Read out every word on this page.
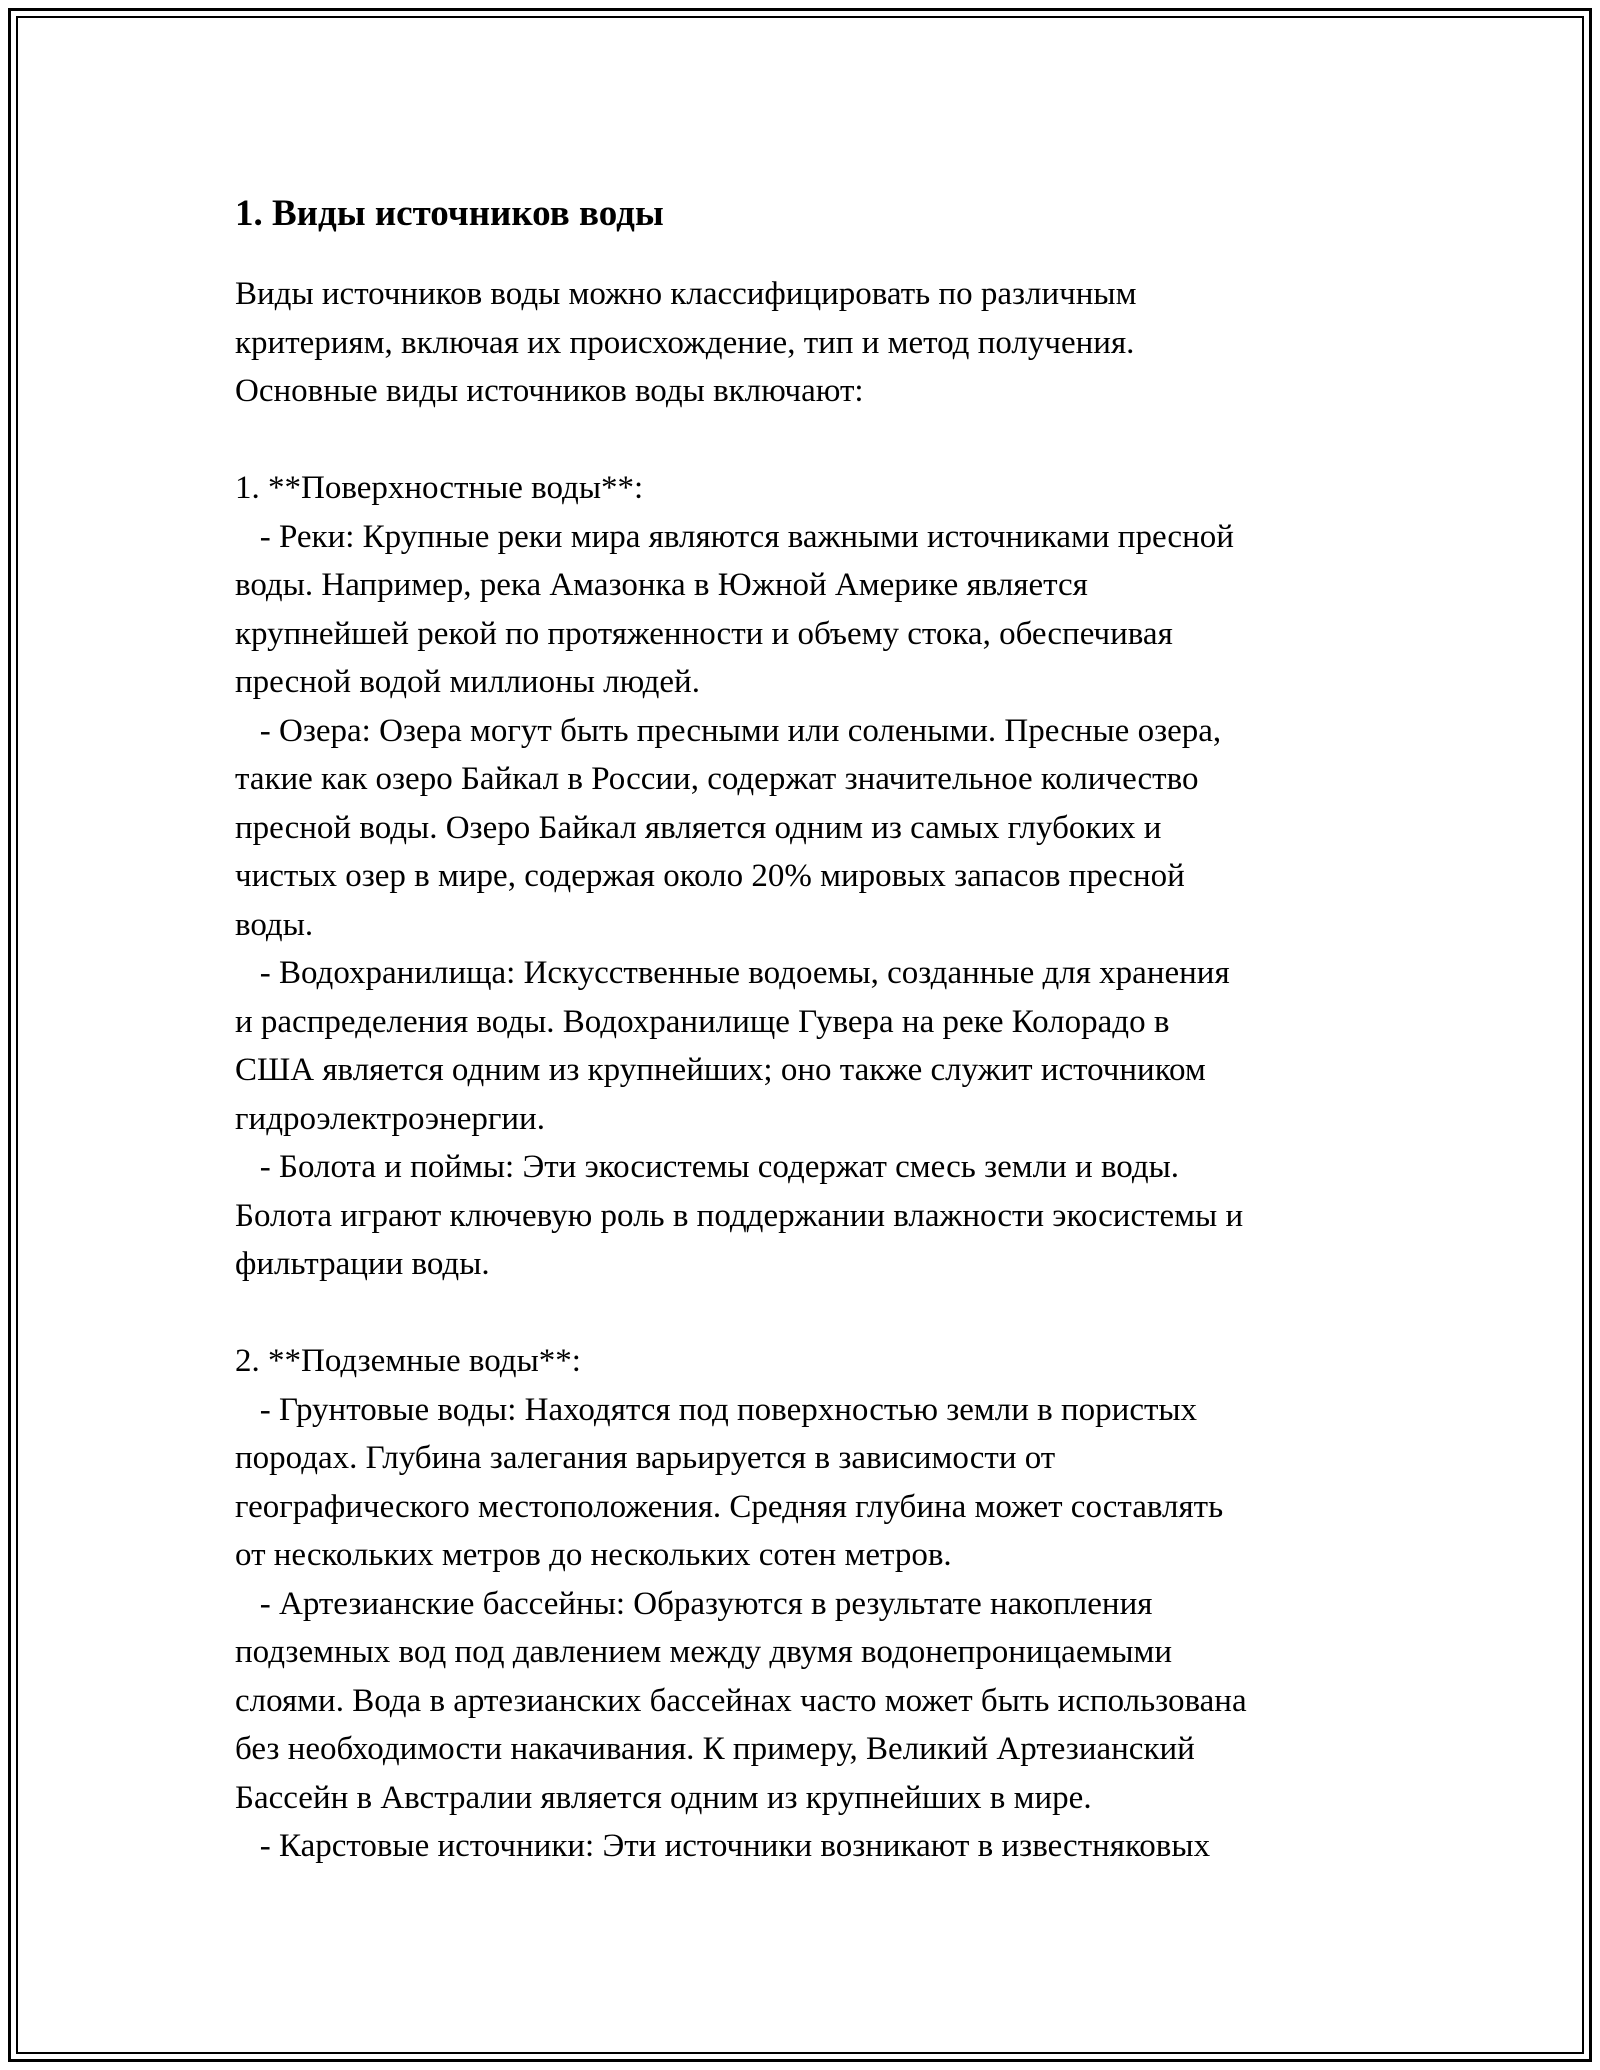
1. Виды источников воды

Виды источников воды можно классифицировать по различным
критериям, включая их происхождение, тип и метод получения.
Основные виды источников воды включают:

1. **Поверхностные воды**:

- Реки: Крупные реки мира являются важными источниками пресной
воды. Например, река Амазонка в Южной Америке является
крупнейшей рекой по протяженности и объему стока, обеспечивая
пресной водой миллионы людей.

- Озера: Озера могут быть пресными или солеными. Пресные озера,
такие как озеро Байкал в России, содержат значительное количество
пресной воды. Озеро Байкал является одним из самых глубоких и
чистых озер в мире, содержая около 20% мировых запасов пресной
воды.

- Водохранилища: Искусственные водоемы, созданные для хранения
и распределения воды. Водохранилище Гувера на реке Колорадо в
США является одним из крупнейших; оно также служит источником
гидроэлектроэнергии.

- Болота и поймы: Эти экосистемы содержат смесь земли и воды.
Болота играют ключевую роль в поддержании влажности экосистемы и
фильтрации воды.

2. **Подземные воды**:

- Грунтовые воды: Находятся под поверхностью земли в пористых
породах. Глубина залегания варьируется в зависимости от
географического местоположения. Средняя глубина может составлять
от нескольких метров до нескольких сотен метров.

- Артезианские бассейны: Образуются в результате накопления
подземных вод под давлением между двумя водонепроницаемыми
слоями. Вода в артезианских бассейнах часто может быть использована
без необходимости накачивания. К примеру, Великий Артезианский
Бассейн в Австралии является одним из крупнейших в мире.

- Карстовые источники: Эти источники возникают в известняковых
